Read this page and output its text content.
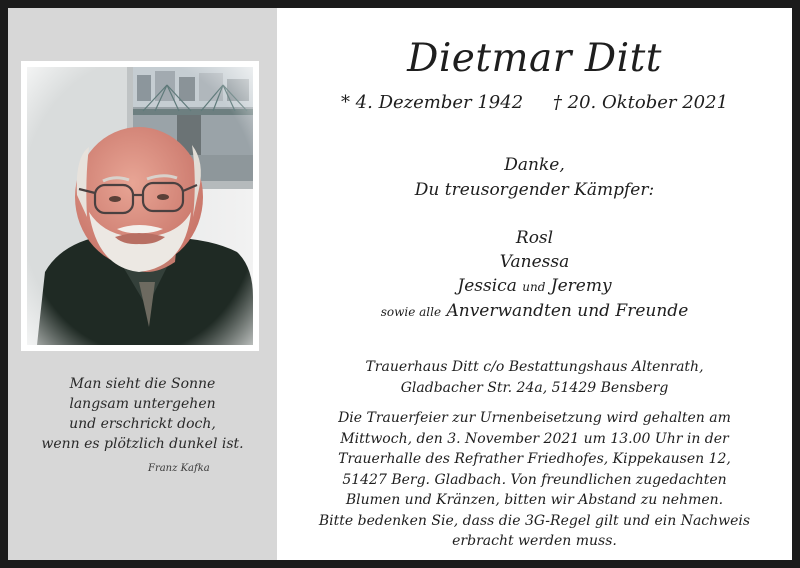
Man sieht die Sonne
langsam untergehen
und erschrickt doch,
wenn es plötzlich dunkel ist.
Franz Kafka
Dietmar Ditt
* 4. Dezember 1942 † 20. Oktober 2021
Danke,
Du treusorgender Kämpfer:
Rosl
Vanessa
Jessica und Jeremy
sowie alle Anverwandten und Freunde
Trauerhaus Ditt c/o Bestattungshaus Altenrath,
Gladbacher Str. 24a, 51429 Bensberg
Die Trauerfeier zur Urnenbeisetzung wird gehalten am
Mittwoch, den 3. November 2021 um 13.00 Uhr in der
Trauerhalle des Refrather Friedhofes, Kippekausen 12,
51427 Berg. Gladbach. Von freundlichen zugedachten
Blumen und Kränzen, bitten wir Abstand zu nehmen.
Bitte bedenken Sie, dass die 3G-Regel gilt und ein Nachweis
erbracht werden muss.
